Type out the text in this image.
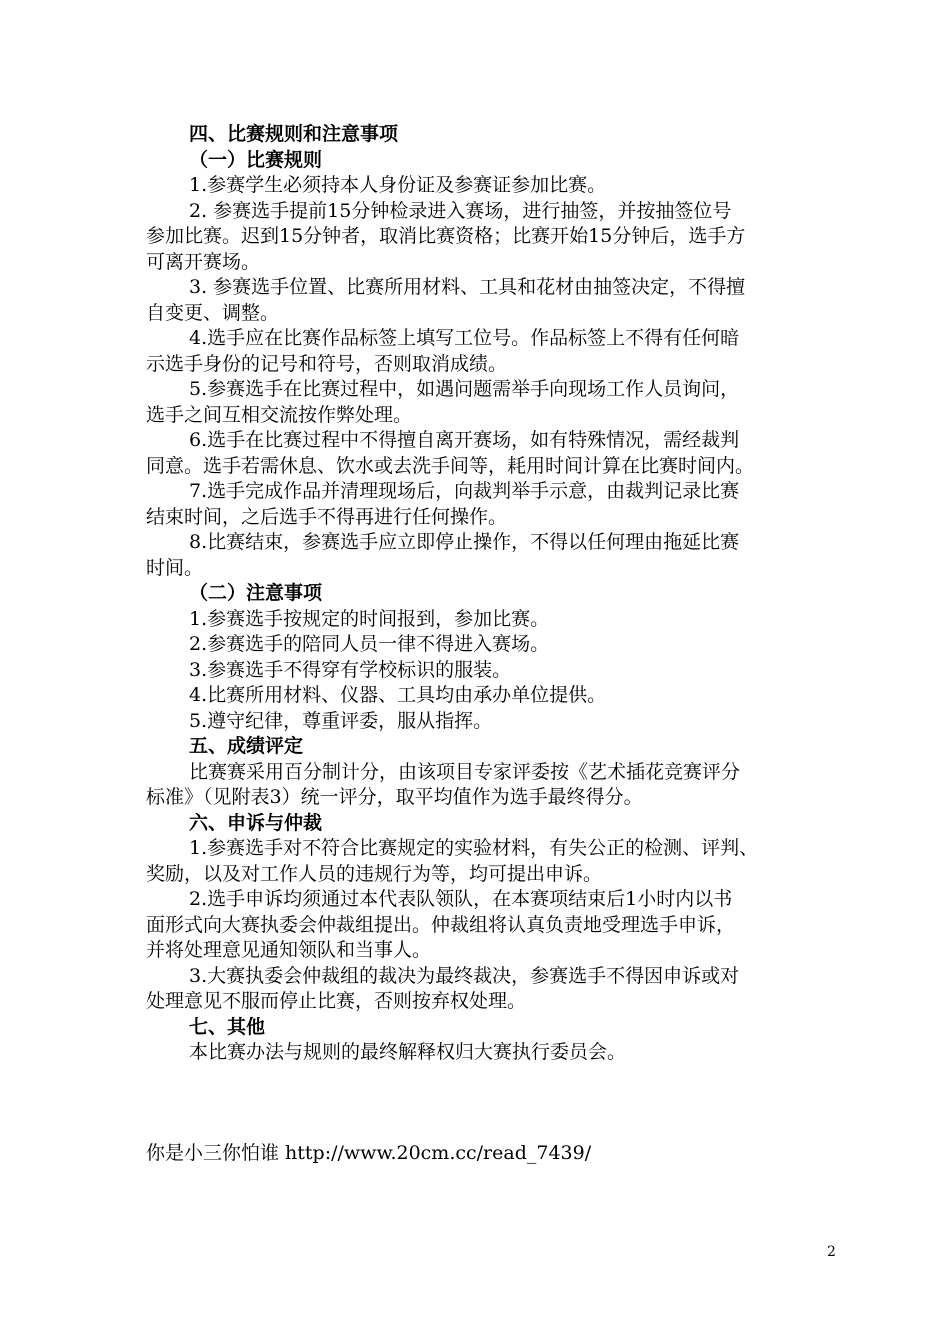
四、比赛规则和注意事项
（一）比赛规则
1.参赛学生必须持本人身份证及参赛证参加比赛。
2. 参赛选手提前15分钟检录进入赛场，进行抽签，并按抽签位号
参加比赛。迟到15分钟者，取消比赛资格；比赛开始15分钟后，选手方
可离开赛场。
3. 参赛选手位置、比赛所用材料、工具和花材由抽签决定，不得擅
自变更、调整。
4.选手应在比赛作品标签上填写工位号。作品标签上不得有任何暗
示选手身份的记号和符号，否则取消成绩。
5.参赛选手在比赛过程中，如遇问题需举手向现场工作人员询问，
选手之间互相交流按作弊处理。
6.选手在比赛过程中不得擅自离开赛场，如有特殊情况，需经裁判
同意。选手若需休息、饮水或去洗手间等，耗用时间计算在比赛时间内。
7.选手完成作品并清理现场后，向裁判举手示意，由裁判记录比赛
结束时间，之后选手不得再进行任何操作。
8.比赛结束，参赛选手应立即停止操作，不得以任何理由拖延比赛
时间。
（二）注意事项
1.参赛选手按规定的时间报到，参加比赛。
2.参赛选手的陪同人员一律不得进入赛场。
3.参赛选手不得穿有学校标识的服装。
4.比赛所用材料、仪器、工具均由承办单位提供。
5.遵守纪律，尊重评委，服从指挥。
五、成绩评定
比赛赛采用百分制计分，由该项目专家评委按《艺术插花竞赛评分
标准》（见附表3）统一评分，取平均值作为选手最终得分。
六、申诉与仲裁
1.参赛选手对不符合比赛规定的实验材料，有失公正的检测、评判、
奖励，以及对工作人员的违规行为等，均可提出申诉。
2.选手申诉均须通过本代表队领队，在本赛项结束后1小时内以书
面形式向大赛执委会仲裁组提出。仲裁组将认真负责地受理选手申诉，
并将处理意见通知领队和当事人。
3.大赛执委会仲裁组的裁决为最终裁决，参赛选手不得因申诉或对
处理意见不服而停止比赛，否则按弃权处理。
七、其他
本比赛办法与规则的最终解释权归大赛执行委员会。
你是小三你怕谁 http://www.20cm.cc/read_7439/
2
